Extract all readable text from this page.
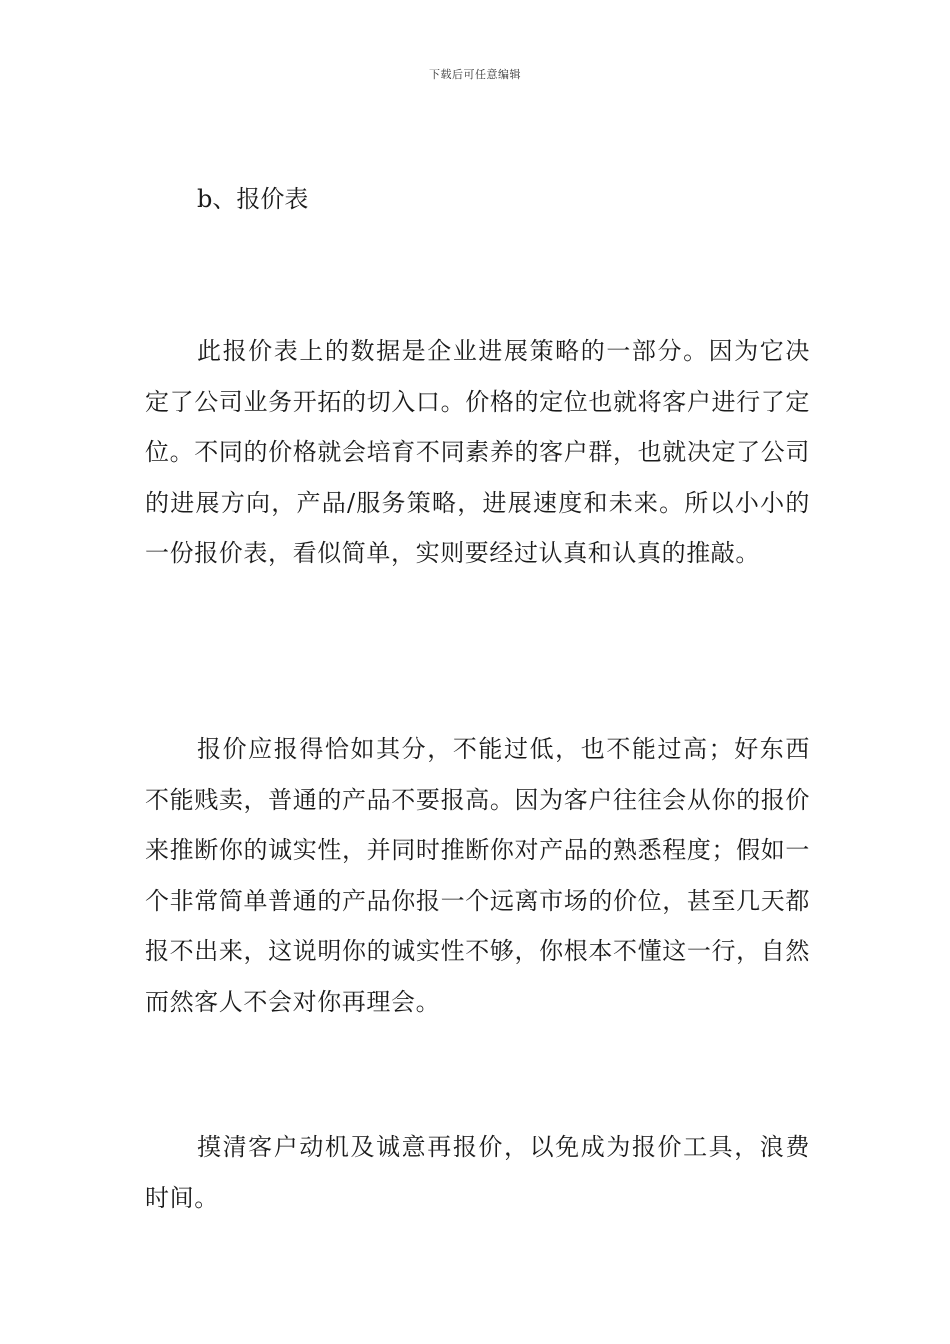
下载后可任意编辑
b、报价表

此报价表上的数据是企业进展策略的一部分。因为它决定了公司业务开拓的切入口。价格的定位也就将客户进行了定位。不同的价格就会培育不同素养的客户群，也就决定了公司的进展方向，产品/服务策略，进展速度和未来。所以小小的一份报价表，看似简单，实则要经过认真和认真的推敲。

报价应报得恰如其分，不能过低，也不能过高；好东西不能贱卖，普通的产品不要报高。因为客户往往会从你的报价来推断你的诚实性，并同时推断你对产品的熟悉程度；假如一个非常简单普通的产品你报一个远离市场的价位，甚至几天都报不出来，这说明你的诚实性不够，你根本不懂这一行，自然而然客人不会对你再理会。

摸清客户动机及诚意再报价，以免成为报价工具，浪费时间。
